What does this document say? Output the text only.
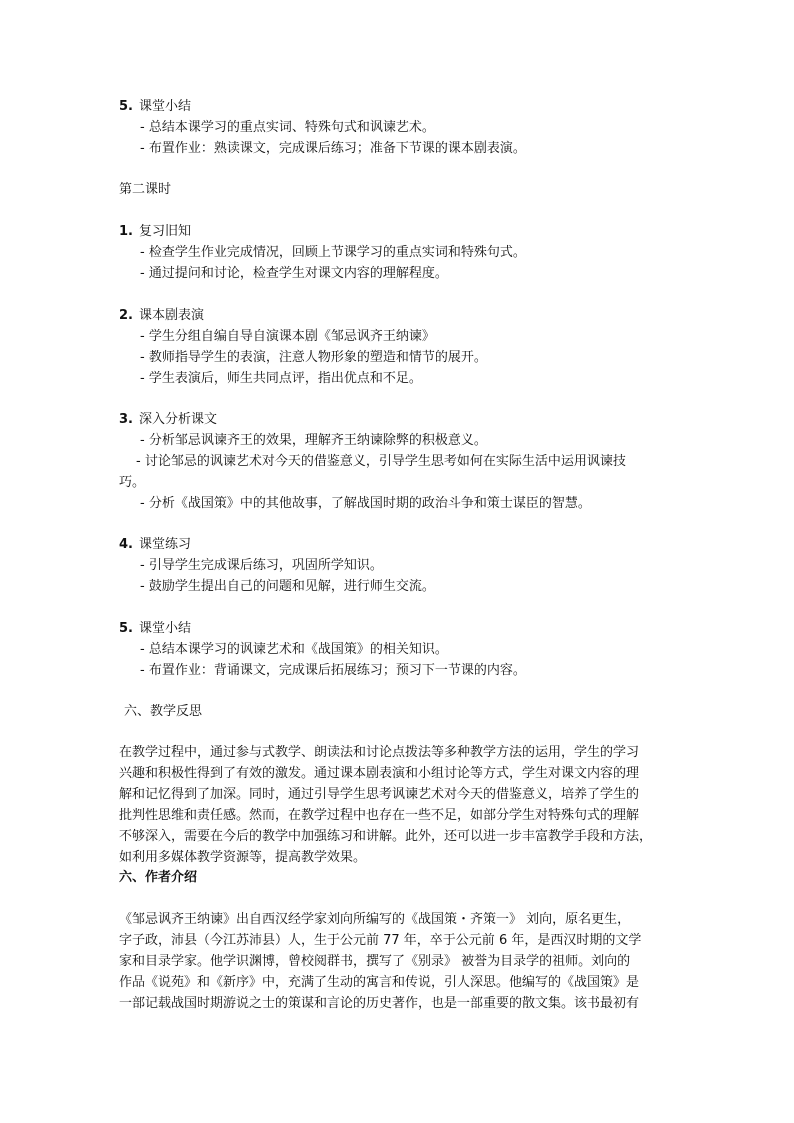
5. 课堂小结
- 总结本课学习的重点实词、特殊句式和讽谏艺术。
- 布置作业：熟读课文，完成课后练习；准备下节课的课本剧表演。
第二课时
1. 复习旧知
- 检查学生作业完成情况，回顾上节课学习的重点实词和特殊句式。
- 通过提问和讨论，检查学生对课文内容的理解程度。
2. 课本剧表演
- 学生分组自编自导自演课本剧《邹忌讽齐王纳谏》
- 教师指导学生的表演，注意人物形象的塑造和情节的展开。
- 学生表演后，师生共同点评，指出优点和不足。
3. 深入分析课文
- 分析邹忌讽谏齐王的效果，理解齐王纳谏除弊的积极意义。
- 讨论邹忌的讽谏艺术对今天的借鉴意义，引导学生思考如何在实际生活中运用讽谏技
巧。
- 分析《战国策》中的其他故事，了解战国时期的政治斗争和策士谋臣的智慧。
4. 课堂练习
- 引导学生完成课后练习，巩固所学知识。
- 鼓励学生提出自己的问题和见解，进行师生交流。
5. 课堂小结
- 总结本课学习的讽谏艺术和《战国策》的相关知识。
- 布置作业：背诵课文，完成课后拓展练习；预习下一节课的内容。
六、教学反思
在教学过程中，通过参与式教学、朗读法和讨论点拨法等多种教学方法的运用，学生的学习
兴趣和积极性得到了有效的激发。通过课本剧表演和小组讨论等方式，学生对课文内容的理
解和记忆得到了加深。同时，通过引导学生思考讽谏艺术对今天的借鉴意义，培养了学生的
批判性思维和责任感。然而，在教学过程中也存在一些不足，如部分学生对特殊句式的理解
不够深入，需要在今后的教学中加强练习和讲解。此外，还可以进一步丰富教学手段和方法，
如利用多媒体教学资源等，提高教学效果。
六、作者介绍
《邹忌讽齐王纳谏》出自西汉经学家刘向所编写的《战国策・齐策一》 刘向，原名更生，
字子政，沛县（今江苏沛县）人，生于公元前 77 年，卒于公元前 6 年，是西汉时期的文学
家和目录学家。他学识渊博，曾校阅群书，撰写了《别录》 被誉为目录学的祖师。刘向的
作品《说苑》和《新序》中，充满了生动的寓言和传说，引人深思。他编写的《战国策》是
一部记载战国时期游说之士的策谋和言论的历史著作，也是一部重要的散文集。该书最初有
